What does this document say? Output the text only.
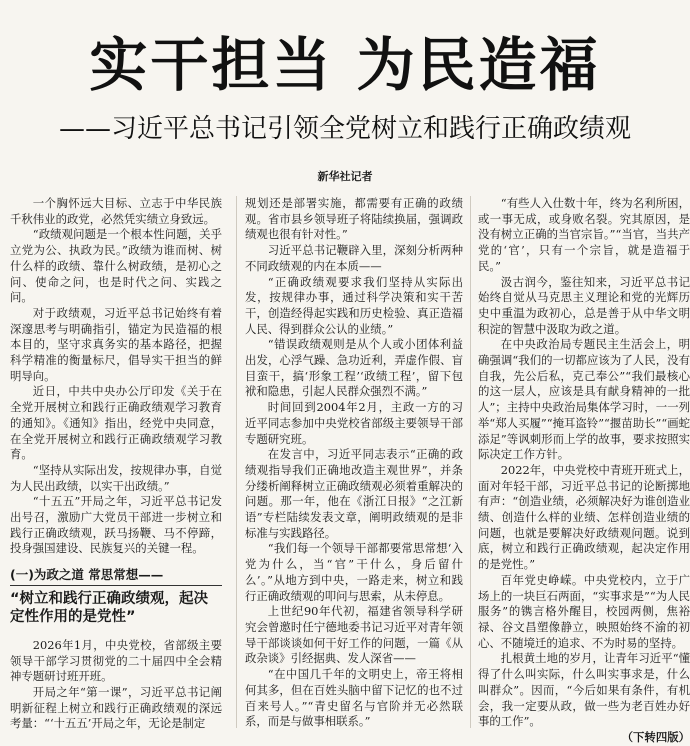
实干担当 为民造福
——习近平总书记引领全党树立和践行正确政绩观
新华社记者

一个胸怀远大目标、立志于中华民族千秋伟业的政党，必然凭实绩立身致远。

“政绩观问题是一个根本性问题，关乎立党为公、执政为民。”政绩为谁而树、树什么样的政绩、靠什么树政绩，是初心之问、使命之问，也是时代之问、实践之问。

对于政绩观，习近平总书记始终有着深邃思考与明确指引，锚定为民造福的根本目的，坚守求真务实的基本路径，把握科学精准的衡量标尺，倡导实干担当的鲜明导向。

近日，中共中央办公厅印发《关于在全党开展树立和践行正确政绩观学习教育的通知》。《通知》指出，经党中央同意，在全党开展树立和践行正确政绩观学习教育。

“坚持从实际出发，按规律办事，自觉为人民出政绩，以实干出政绩。”

“十五五”开局之年，习近平总书记发出号召，激励广大党员干部进一步树立和践行正确政绩观，跃马扬鞭、马不停蹄，投身强国建设、民族复兴的关键一程。

(一)为政之道 常思常想——
“树立和践行正确政绩观，起决定性作用的是党性”

2026年1月，中央党校，省部级主要领导干部学习贯彻党的二十届四中全会精神专题研讨班开班。

开局之年“第一课”，习近平总书记阐明新征程上树立和践行正确政绩观的深远考量：“‘十五五’开局之年，无论是制定

规划还是部署实施，都需要有正确的政绩观。省市县乡领导班子将陆续换届，强调政绩观也很有针对性。”

习近平总书记鞭辟入里，深刻分析两种不同政绩观的内在本质——

“正确政绩观要求我们坚持从实际出发，按规律办事，通过科学决策和实干苦干，创造经得起实践和历史检验、真正造福人民、得到群众公认的业绩。”

“错误政绩观则是从个人或小团体利益出发，心浮气躁、急功近利，弄虚作假、盲目蛮干，搞‘形象工程’‘政绩工程’，留下包袱和隐患，引起人民群众强烈不满。”

时间回到2004年2月，主政一方的习近平同志参加中央党校省部级主要领导干部专题研究班。

在发言中，习近平同志表示“正确的政绩观指导我们正确地改造主观世界”，并条分缕析阐释树立正确政绩观必须着重解决的问题。那一年，他在《浙江日报》“之江新语”专栏陆续发表文章，阐明政绩观的是非标准与实践路径。

“我们每一个领导干部都要常思常想‘入党为什么，当“官”干什么，身后留什么’。”从地方到中央，一路走来，树立和践行正确政绩观的叩问与思索，从未停息。

上世纪90年代初，福建省领导科学研究会曾邀时任宁德地委书记习近平对青年领导干部谈谈如何干好工作的问题，一篇《从政杂谈》引经据典、发人深省——

“在中国几千年的文明史上，帝王将相何其多，但在百姓头脑中留下记忆的也不过百来号人。”“青史留名与官阶并无必然联系，而是与做事相联系。”

“有些人入仕数十年，终为名利所困，或一事无成，或身败名裂。究其原因，是没有树立正确的当官宗旨。”“当官，当共产党的‘官’，只有一个宗旨，就是造福于民。”

汲古润今，鉴往知来，习近平总书记始终自觉从马克思主义理论和党的光辉历史中重温为政初心，总是善于从中华文明积淀的智慧中汲取为政之道。

在中央政治局专题民主生活会上，明确强调“我们的一切都应该为了人民，没有自我，先公后私，克己奉公”“我们最核心的这一层人，应该是具有献身精神的一批人”；主持中央政治局集体学习时，一一列举“郑人买履”“掩耳盗铃”“揠苗助长”“画蛇添足”等讽刺形而上学的故事，要求按照实际决定工作方针。

2022年，中央党校中青班开班式上，面对年轻干部，习近平总书记的论断掷地有声：“创造业绩，必须解决好为谁创造业绩、创造什么样的业绩、怎样创造业绩的问题，也就是要解决好政绩观问题。说到底，树立和践行正确政绩观，起决定作用的是党性。”

百年党史峥嵘。中央党校内，立于广场上的一块巨石两面，“实事求是”“为人民服务”的镌言格外醒目，校园两侧，焦裕禄、谷文昌塑像静立，映照始终不渝的初心、不随境迁的追求、不为时易的坚持。

扎根黄土地的岁月，让青年习近平“懂得了什么叫实际，什么叫实事求是，什么叫群众”。因而，“今后如果有条件，有机会，我一定要从政，做一些为老百姓办好事的工作”。

（下转四版）
